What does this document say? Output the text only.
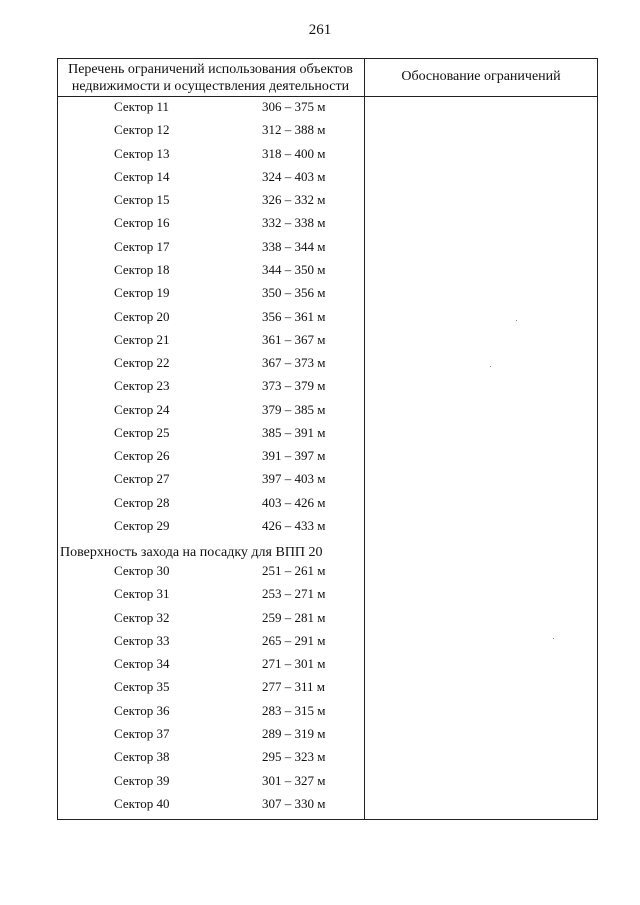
261
Перечень ограничений использования объектов недвижимости и осуществления деятельности
Обоснование ограничений
Сектор 11	306 – 375 м
Сектор 12	312 – 388 м
Сектор 13	318 – 400 м
Сектор 14	324 – 403 м
Сектор 15	326 – 332 м
Сектор 16	332 – 338 м
Сектор 17	338 – 344 м
Сектор 18	344 – 350 м
Сектор 19	350 – 356 м
Сектор 20	356 – 361 м
Сектор 21	361 – 367 м
Сектор 22	367 – 373 м
Сектор 23	373 – 379 м
Сектор 24	379 – 385 м
Сектор 25	385 – 391 м
Сектор 26	391 – 397 м
Сектор 27	397 – 403 м
Сектор 28	403 – 426 м
Сектор 29	426 – 433 м
Поверхность захода на посадку для ВПП 20
Сектор 30	251 – 261 м
Сектор 31	253 – 271 м
Сектор 32	259 – 281 м
Сектор 33	265 – 291 м
Сектор 34	271 – 301 м
Сектор 35	277 – 311 м
Сектор 36	283 – 315 м
Сектор 37	289 – 319 м
Сектор 38	295 – 323 м
Сектор 39	301 – 327 м
Сектор 40	307 – 330 м
